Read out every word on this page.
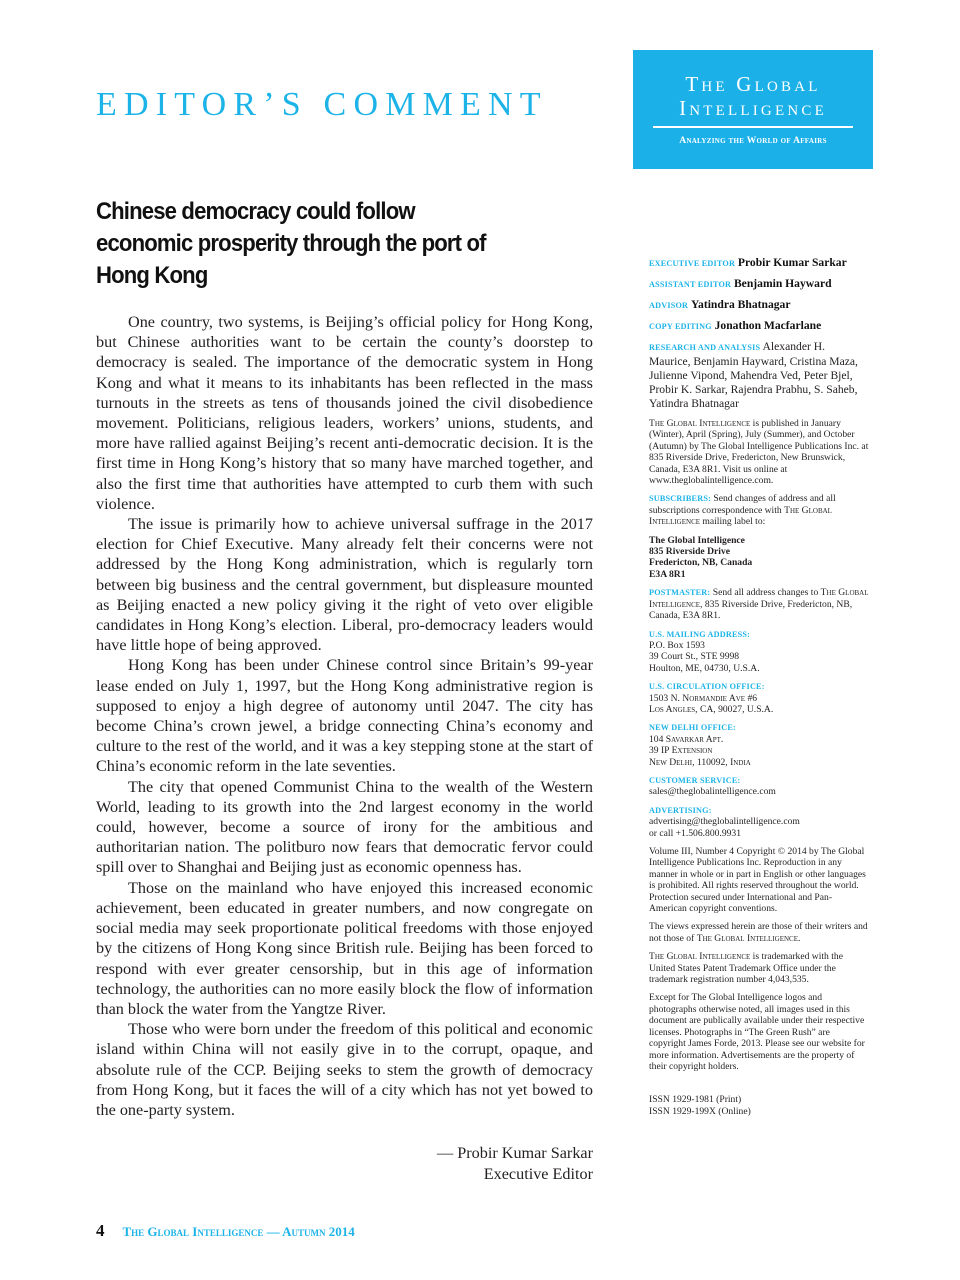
EDITOR’S COMMENT
The Global
Intelligence
Analyzing the World of Affairs
Chinese democracy could follow economic prosperity through the port of Hong Kong

One country, two systems, is Beijing’s official policy for Hong Kong, but Chinese authorities want to be certain the county’s doorstep to democracy is sealed. The importance of the democratic system in Hong Kong and what it means to its inhabitants has been reflected in the mass turnouts in the streets as tens of thousands joined the civil disobedience movement. Politicians, religious leaders, workers’ unions, students, and more have rallied against Beijing’s recent anti-democratic decision. It is the first time in Hong Kong’s history that so many have marched together, and also the first time that authorities have attempted to curb them with such violence.

The issue is primarily how to achieve universal suffrage in the 2017 election for Chief Executive. Many already felt their concerns were not addressed by the Hong Kong administration, which is regularly torn between big business and the central government, but displeasure mounted as Beijing enacted a new policy giving it the right of veto over eligible candidates in Hong Kong’s election. Liberal, pro-democracy leaders would have little hope of being approved.

Hong Kong has been under Chinese control since Britain’s 99-year lease ended on July 1, 1997, but the Hong Kong administrative region is supposed to enjoy a high degree of autonomy until 2047. The city has become China’s crown jewel, a bridge connecting China’s economy and culture to the rest of the world, and it was a key stepping stone at the start of China’s economic reform in the late seventies.

The city that opened Communist China to the wealth of the Western World, leading to its growth into the 2nd largest economy in the world could, however, become a source of irony for the ambitious and authoritarian nation. The politburo now fears that democratic fervor could spill over to Shanghai and Beijing just as economic openness has.

Those on the mainland who have enjoyed this increased economic achievement, been educated in greater numbers, and now congregate on social media may seek proportionate political freedoms with those enjoyed by the citizens of Hong Kong since British rule. Beijing has been forced to respond with ever greater censorship, but in this age of information technology, the authorities can no more easily block the flow of information than block the water from the Yangtze River.

Those who were born under the freedom of this political and economic island within China will not easily give in to the corrupt, opaque, and absolute rule of the CCP. Beijing seeks to stem the growth of democracy from Hong Kong, but it faces the will of a city which has not yet bowed to the one-party system.

— Probir Kumar Sarkar
Executive Editor
4 The Global Intelligence — Autumn 2014
EXECUTIVE EDITOR Probir Kumar Sarkar
ASSISTANT EDITOR Benjamin Hayward
ADVISOR Yatindra Bhatnagar
COPY EDITING Jonathon Macfarlane
RESEARCH AND ANALYSIS Alexander H. Maurice, Benjamin Hayward, Cristina Maza, Julienne Vipond, Mahendra Ved, Peter Bjel, Probir K. Sarkar, Rajendra Prabhu, S. Saheb, Yatindra Bhatnagar
The Global Intelligence is published in January (Winter), April (Spring), July (Summer), and October (Autumn) by The Global Intelligence Publications Inc. at 835 Riverside Drive, Fredericton, New Brunswick, Canada, E3A 8R1. Visit us online at www.theglobalintelligence.com.
SUBSCRIBERS: Send changes of address and all subscriptions correspondence with The Global Intelligence mailing label to:
The Global Intelligence
835 Riverside Drive
Fredericton, NB, Canada
E3A 8R1
POSTMASTER: Send all address changes to The Global Intelligence, 835 Riverside Drive, Fredericton, NB, Canada, E3A 8R1.
U.S. MAILING ADDRESS:
P.O. Box 1593
39 Court St., STE 9998
Houlton, ME, 04730, U.S.A.
U.S. CIRCULATION OFFICE:
1503 N. Normandie Ave #6
Los Angles, CA, 90027, U.S.A.
NEW DELHI OFFICE:
104 Savarkar Apt.
39 IP Extension
New Delhi, 110092, India
CUSTOMER SERVICE:
sales@theglobalintelligence.com
ADVERTISING:
advertising@theglobalintelligence.com
or call +1.506.800.9931
Volume III, Number 4 Copyright © 2014 by The Global Intelligence Publications Inc. Reproduction in any manner in whole or in part in English or other languages is prohibited. All rights reserved throughout the world. Protection secured under International and Pan-American copyright conventions.
The views expressed herein are those of their writers and not those of The Global Intelligence.
The Global Intelligence is trademarked with the United States Patent Trademark Office under the trademark registration number 4,043,535.
Except for The Global Intelligence logos and photographs otherwise noted, all images used in this document are publically available under their respective licenses. Photographs in “The Green Rush” are copyright James Forde, 2013. Please see our website for more information. Advertisements are the property of their copyright holders.
ISSN 1929-1981 (Print)
ISSN 1929-199X (Online)
